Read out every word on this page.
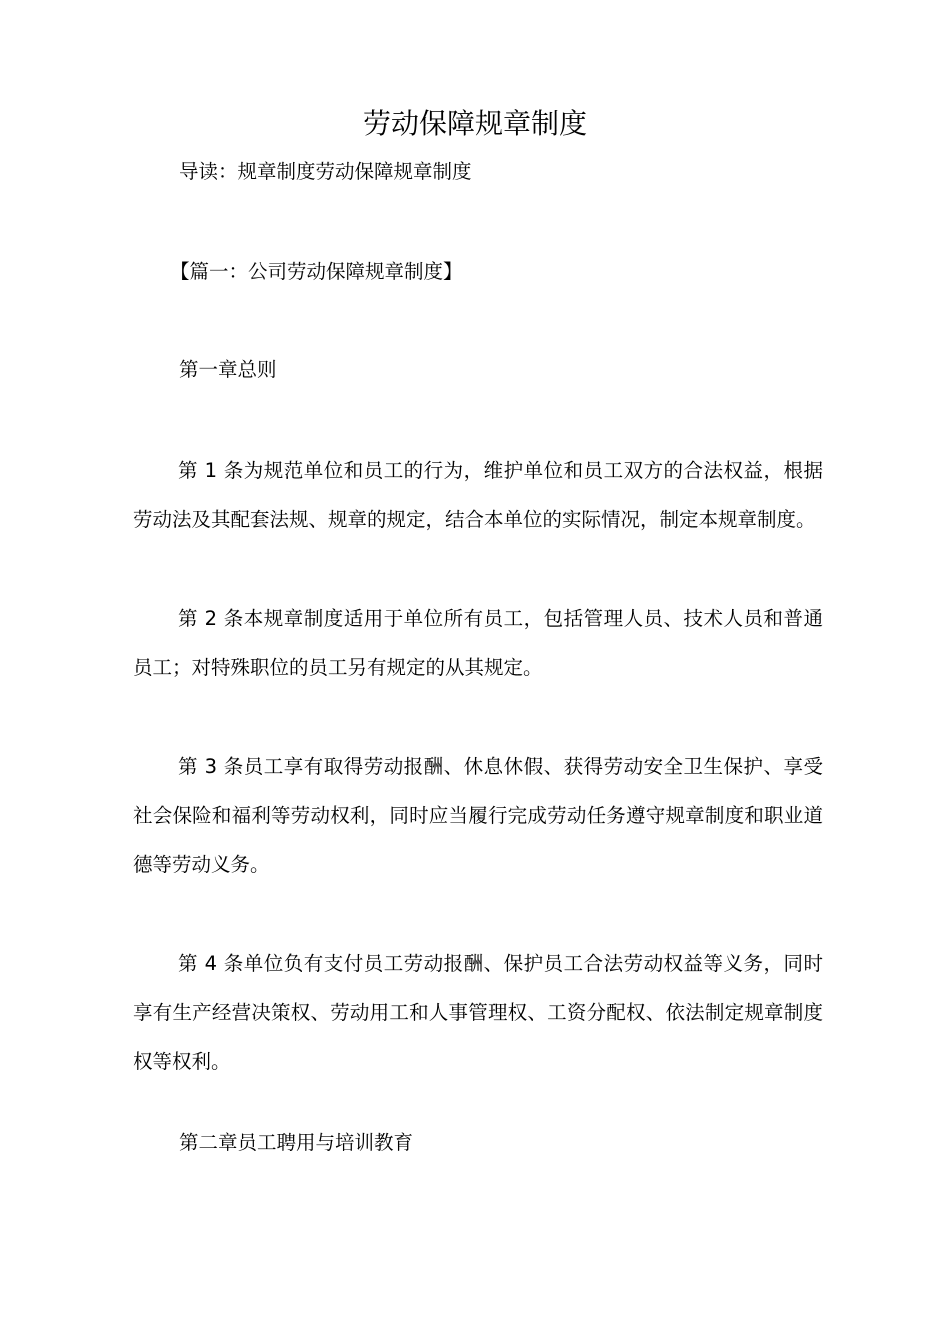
劳动保障规章制度
导读：规章制度劳动保障规章制度
【篇一：公司劳动保障规章制度】
第一章总则
第 1 条为规范单位和员工的行为，维护单位和员工双方的合法权益，根据劳动法及其配套法规、规章的规定，结合本单位的实际情况，制定本规章制度。
第 2 条本规章制度适用于单位所有员工，包括管理人员、技术人员和普通员工；对特殊职位的员工另有规定的从其规定。
第 3 条员工享有取得劳动报酬、休息休假、获得劳动安全卫生保护、享受社会保险和福利等劳动权利，同时应当履行完成劳动任务遵守规章制度和职业道德等劳动义务。
第 4 条单位负有支付员工劳动报酬、保护员工合法劳动权益等义务，同时享有生产经营决策权、劳动用工和人事管理权、工资分配权、依法制定规章制度权等权利。
第二章员工聘用与培训教育
